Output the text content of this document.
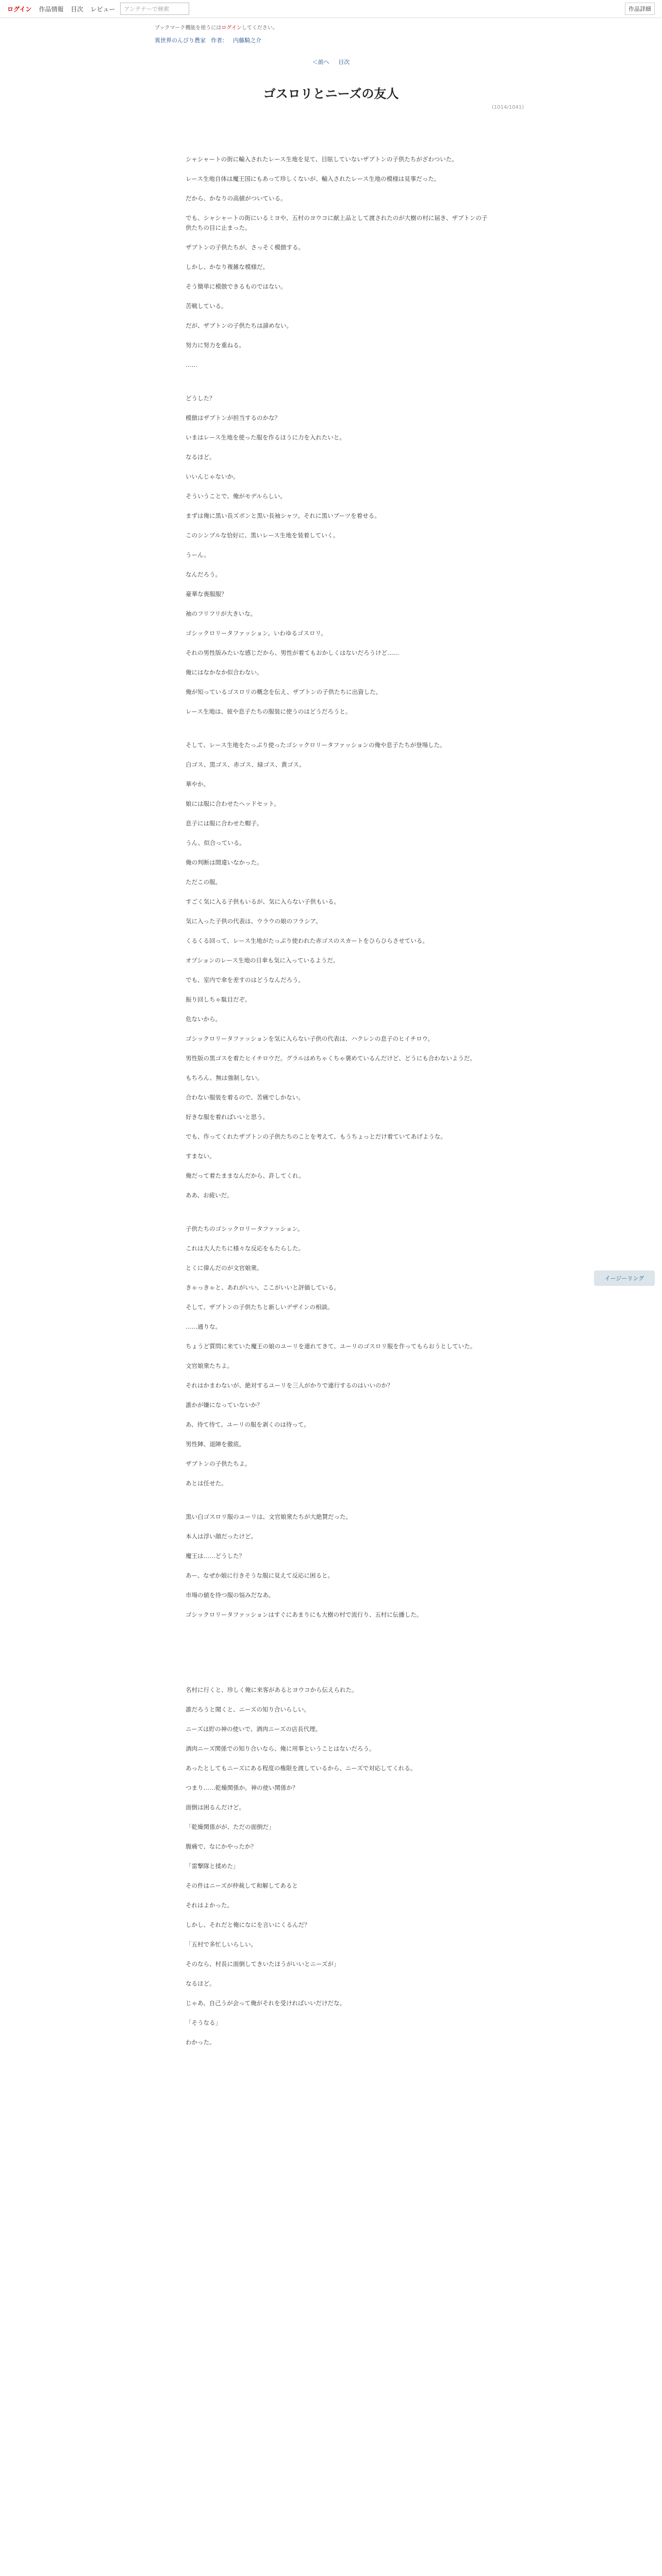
ログイン 作品情報 目次 レビュー	アンテナーで検索	作品詳細
ブックマーク機能を使うにはログインしてください。
異世界のんびり農家 作者： 内藤騎之介
＜前へ 目次
(1014/1041)
ゴスロリとニーズの友人

シャシャートの街に輸入されたレース生地を見て、目眩していないザブトンの子供たちがざわついた。

レース生地自体は魔王国にもあって珍しくないが、輸入されたレース生地の模様は見事だった。

だから、かなりの高値がついている。

でも、シャシャートの街にいるミヨや、五村のヨウコに献上品として渡されたのが大樹の村に届き、ザブトンの子供たちの目に止まった。

ザブトンの子供たちが、さっそく模倣する。

しかし、かなり複雑な模様だ。

そう簡単に模倣できるものではない。

苦戦している。

だが、ザブトンの子供たちは諦めない。

努力に努力を重ねる。

……

どうした？

模倣はザブトンが担当するのかな？

いまはレース生地を使った服を作るほうに力を入れたいと。

なるほど。

いいんじゃないか。

そういうことで、俺がモデルらしい。

まずは俺に黒い長ズボンと黒い長袖シャツ。それに黒いブーツを着せる。

このシンプルな恰好に、黒いレース生地を装着していく。

うーん。

なんだろう。

豪華な喪服服？

袖のフリフリが大きいな。

ゴシックロリータファッション。いわゆるゴスロリ。

それの男性版みたいな感じだから、男性が着てもおかしくはないだろうけど……

俺にはなかなか似合わない。

俺が知っているゴスロリの概念を伝え、ザブトンの子供たちに出資した。

レース生地は、彼や息子たちの服装に使うのはどうだろうと。

そして、レース生地をたっぷり使ったゴシックロリータファッションの俺や息子たちが登場した。

白ゴス、黒ゴス、赤ゴス、緑ゴス、黄ゴス。

華やか。

娘には服に合わせたヘッドセット。

息子には服に合わせた帽子。

うん、似合っている。

俺の判断は間違いなかった。

ただこの服。

すごく気に入る子供もいるが、気に入らない子供もいる。

気に入った子供の代表は、ウラウの娘のフラシア。

くるくる回って、レース生地がたっぷり使われた赤ゴスのスカートをひらひらさせている。

オプションのレース生地の日傘も気に入っているようだ。

でも、室内で傘を差すのはどうなんだろう。

振り回しちゃ駄目だぞ。

危ないから。

ゴシックロリータファッションを気に入らない子供の代表は、ハクレンの息子のヒイチロウ。

男性版の黒ゴスを着たヒイチロウだ。グラルはめちゃくちゃ褒めているんだけど、どうにも合わないようだ。

もちろん、無は強制しない。

合わない服装を着るので、苦痛でしかない。

好きな服を着ればいいと思う。

でも、作ってくれたザブトンの子供たちのことを考えて、もうちょっとだけ着ていてあげような。

すまない。

俺だって着たままなんだから、許してくれ。

ああ、お疲いだ。

子供たちのゴシックロリータファッション。

これは大人たちに様々な反応をもたらした。

とくに偉んだのが文官娘衆。

きゃっきゃと、あれがいい、ここがいいと評価している。

そして、ザブトンの子供たちと新しいデザインの相談。

……通りな。

ちょうど質問に来ていた魔王の娘のユーリを連れてきて、ユーリのゴスロリ服を作ってもらおうとしていた。

文官娘衆たちよ。

それはかまわないが、絶対するユーリを三人がかりで連行するのはいいのか？

誰かが嫌になっていないか？

あ、待て待て。ユーリの服を剥くのは待って。

男性陣、退陣を徹底。

ザブトンの子供たちよ。

あとは任せた。

黒い白ゴスロリ服のユーリは、文官娘衆たちが大絶賛だった。

本人は浮い顔だったけど。

魔王は……どうした？

あー、なぜか娘に行きそうな服に見えて反応に困ると。

市場の値を待つ服の悩みだなあ。

ゴシックロリータファッションはすぐにあまりにも大樹の村で流行り、五村に伝播した。

名村に行くと、珍しく俺に来客があるとヨウコから伝えられた。

誰だろうと聞くと、ニーズの知り合いらしい。

ニーズは貯の神の使いで、酒肉ニーズの店長代理。

酒肉ニーズ関係での知り合いなら、俺に用事ということはないだろう。

あったとしてもニーズにある程度の権限を渡しているから、ニーズで対応してくれる。

つまり……乾燥関係か。神の使い関係か？

面倒は困るんだけど。

「乾燥関係がが、ただの面倒だ」

腹痛で、なにかやったか？

「雷撃隊と揉めた」

その件はニーズが仲裁して和解してあると

それはよかった。

しかし、それだと俺になにを言いにくるんだ？

「五村で多忙しいらしい。

そのなら、村長に面倒してきいたほうがいいとニーズが」

なるほど。

じゃあ、自己うが会って俺がそれを受ければいいだけだな。

「そうなる」

わかった。

イージーリング
